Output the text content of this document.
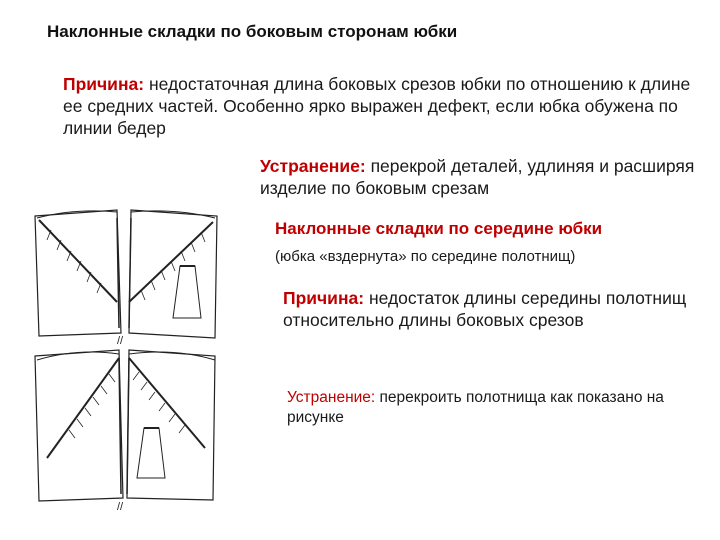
Наклонные складки по боковым сторонам юбки
Причина: недостаточная длина боковых срезов юбки по отношению к длине ее средних частей. Особенно ярко выражен дефект, если юбка обужена по линии бедер
Устранение: перекрой деталей, удлиняя и расширяя изделие по боковым срезам
Наклонные складки по середине юбки
(юбка «вздернута» по середине полотнищ)
Причина: недостаток длины середины полотнищ относительно длины боковых срезов
Устранение: перекроить полотнища как показано на рисунке
//
//
